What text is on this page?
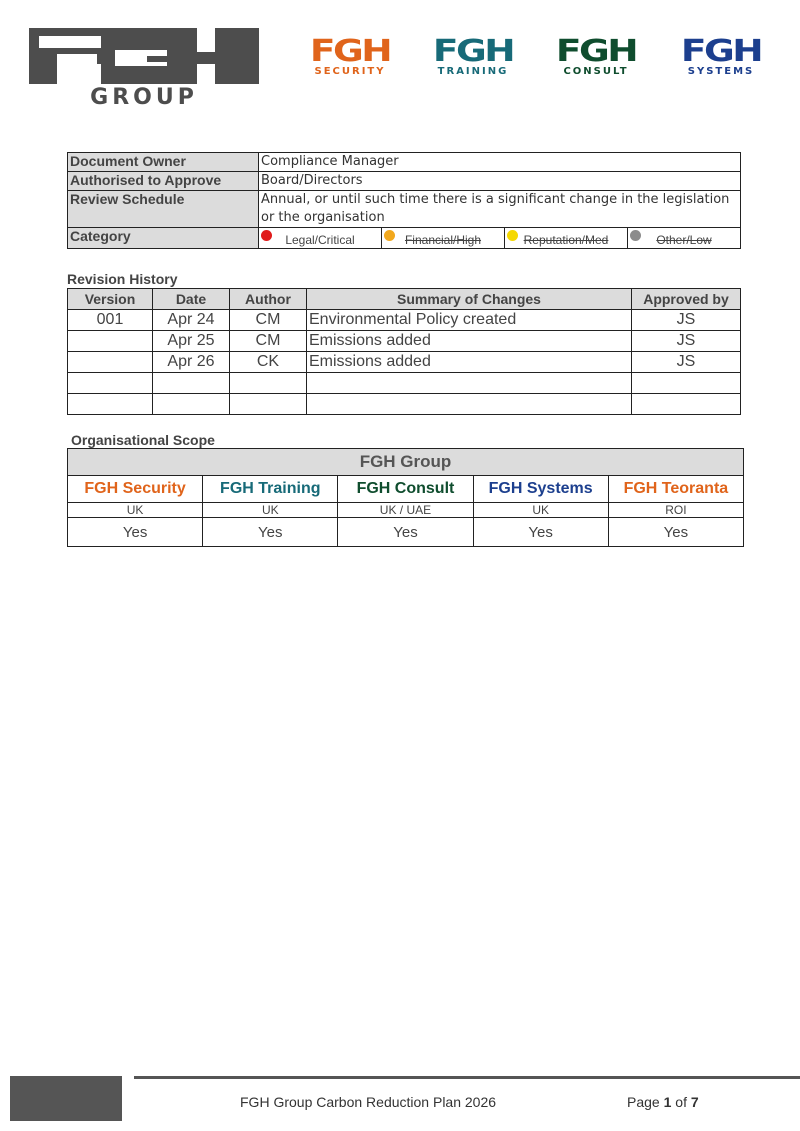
GROUP
FGH
SECURITY
FGH
TRAINING
FGH
CONSULT
FGH
SYSTEMS
Document Owner	Compliance Manager			
Authorised to Approve	Board/Directors			
Review Schedule	Annual, or until such time there is a significant change in the legislation or the organisation			
Category	Legal/Critical	Financial/High	Reputation/Med	Other/Low
Revision History
Version	Date	Author	Summary of Changes	Approved by
001	Apr 24	CM	Environmental Policy created	JS
	Apr 25	CM	Emissions added	JS
	Apr 26	CK	Emissions added	JS

Organisational Scope
FGH Group				
FGH Security	FGH Training	FGH Consult	FGH Systems	FGH Teoranta
UK	UK	UK / UAE	UK	ROI
Yes	Yes	Yes	Yes	Yes
FGH Group Carbon Reduction Plan 2026	Page 1 of 7
